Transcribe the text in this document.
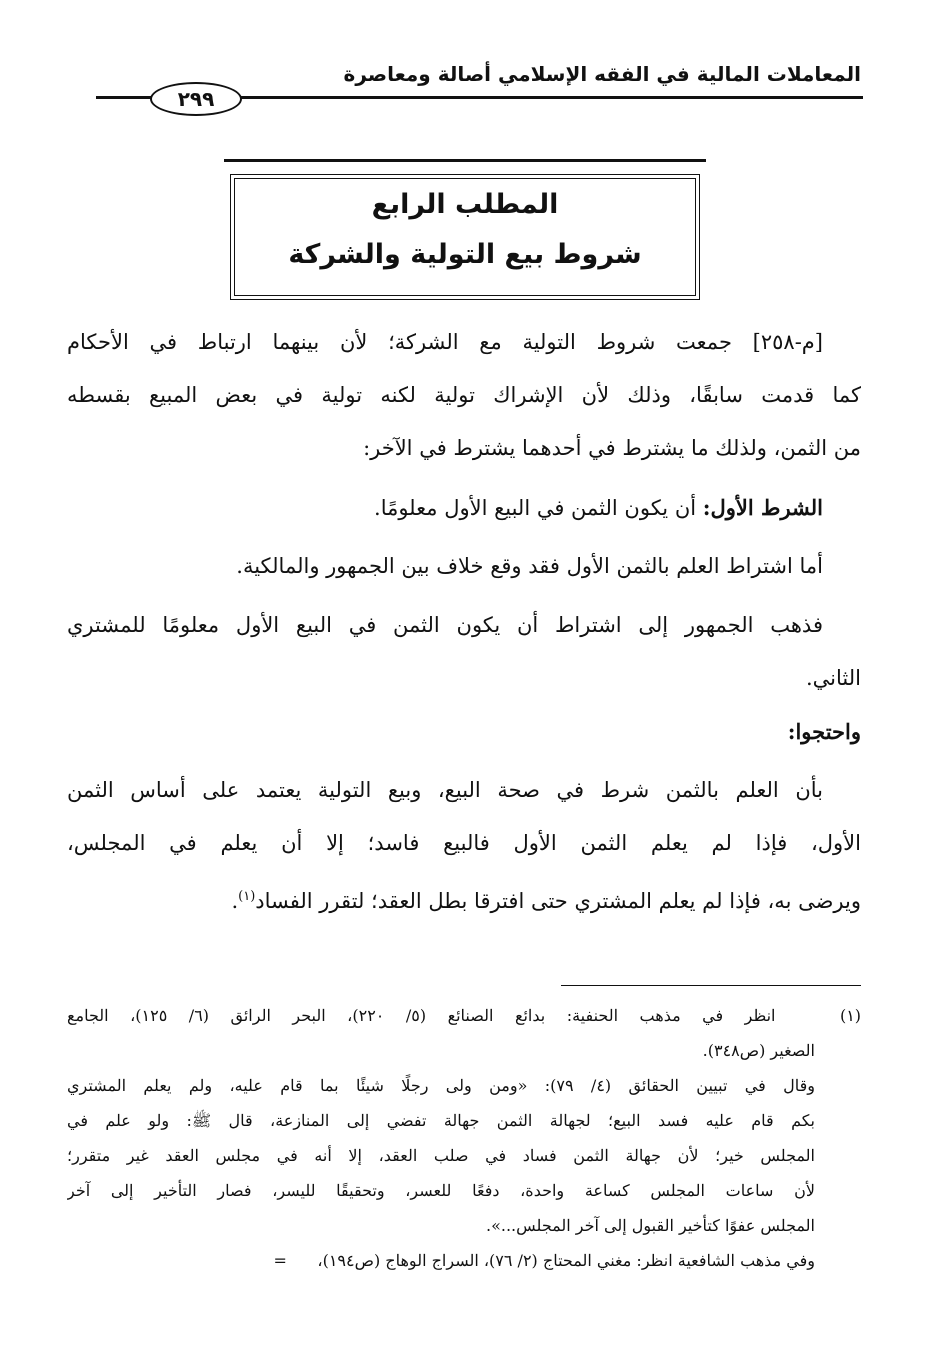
المعاملات المالية في الفقه الإسلامي أصالة ومعاصرة
٢٩٩
المطلب الرابع
شروط بيع التولية والشركة
[م-٢٥٨] جمعت شروط التولية مع الشركة؛ لأن بينهما ارتباط في الأحكام
كما قدمت سابقًا، وذلك لأن الإشراك تولية لكنه تولية في بعض المبيع بقسطه
من الثمن، ولذلك ما يشترط في أحدهما يشترط في الآخر:
الشرط الأول: أن يكون الثمن في البيع الأول معلومًا.
أما اشتراط العلم بالثمن الأول فقد وقع خلاف بين الجمهور والمالكية.
فذهب الجمهور إلى اشتراط أن يكون الثمن في البيع الأول معلومًا للمشتري
الثاني.
واحتجوا:
بأن العلم بالثمن شرط في صحة البيع، وبيع التولية يعتمد على أساس الثمن
الأول، فإذا لم يعلم الثمن الأول فالبيع فاسد؛ إلا أن يعلم في المجلس،
ويرضى به، فإذا لم يعلم المشتري حتى افترقا بطل العقد؛ لتقرر الفساد$^{(١)}$.
(١)   انظر في مذهب الحنفية: بدائع الصنائع (٥/ ٢٢٠)، البحر الرائق (٦/ ١٢٥)، الجامع
الصغير (ص٣٤٨).
وقال في تبيين الحقائق (٤/ ٧٩): «ومن ولى رجلًا شيئًا بما قام عليه، ولم يعلم المشتري
بكم قام عليه فسد البيع؛ لجهالة الثمن جهالة تفضي إلى المنازعة، قال ﷺ: ولو علم في
المجلس خير؛ لأن جهالة الثمن فساد في صلب العقد، إلا أنه في مجلس العقد غير متقرر؛
لأن ساعات المجلس كساعة واحدة، دفعًا للعسر، وتحقيقًا لليسر، فصار التأخير إلى آخر
المجلس عفوًا كتأخير القبول إلى آخر المجلس...».
وفي مذهب الشافعية انظر: مغني المحتاج (٢/ ٧٦)، السراج الوهاج (ص١٩٤)،      =
